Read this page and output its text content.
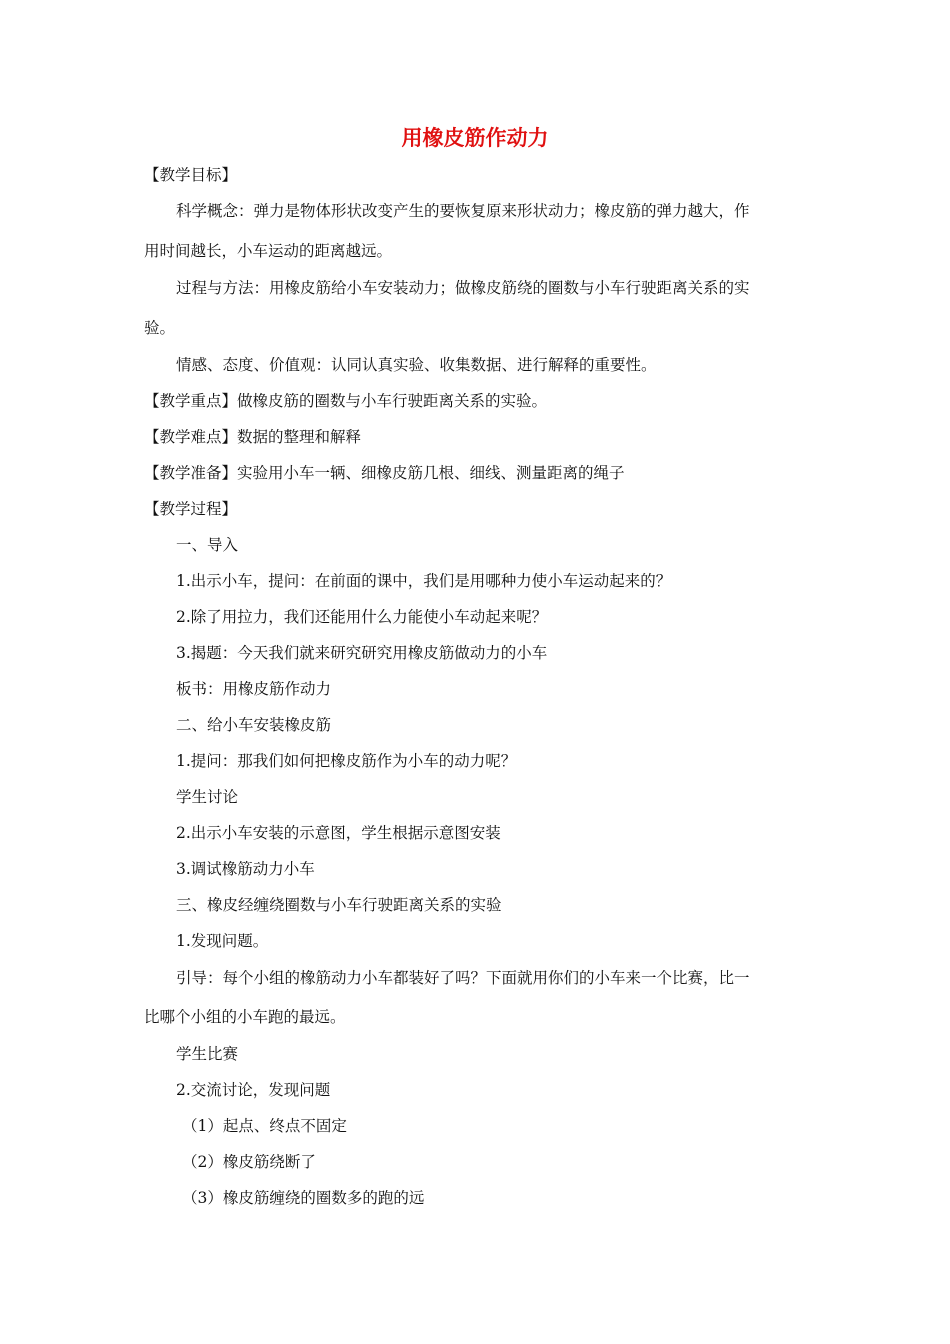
用橡皮筋作动力
【教学目标】
科学概念：弹力是物体形状改变产生的要恢复原来形状动力；橡皮筋的弹力越大，作
用时间越长，小车运动的距离越远。
过程与方法：用橡皮筋给小车安装动力；做橡皮筋绕的圈数与小车行驶距离关系的实
验。
情感、态度、价值观：认同认真实验、收集数据、进行解释的重要性。
【教学重点】做橡皮筋的圈数与小车行驶距离关系的实验。
【教学难点】数据的整理和解释
【教学准备】实验用小车一辆、细橡皮筋几根、细线、测量距离的绳子
【教学过程】
一、导入
1.出示小车，提问：在前面的课中，我们是用哪种力使小车运动起来的？
2.除了用拉力，我们还能用什么力能使小车动起来呢？
3.揭题：今天我们就来研究研究用橡皮筋做动力的小车
板书：用橡皮筋作动力
二、给小车安装橡皮筋
1.提问：那我们如何把橡皮筋作为小车的动力呢？
学生讨论
2.出示小车安装的示意图，学生根据示意图安装
3.调试橡筋动力小车
三、橡皮经缠绕圈数与小车行驶距离关系的实验
1.发现问题。
引导：每个小组的橡筋动力小车都装好了吗？下面就用你们的小车来一个比赛，比一
比哪个小组的小车跑的最远。
学生比赛
2.交流讨论，发现问题
（1）起点、终点不固定
（2）橡皮筋绕断了
（3）橡皮筋缠绕的圈数多的跑的远
